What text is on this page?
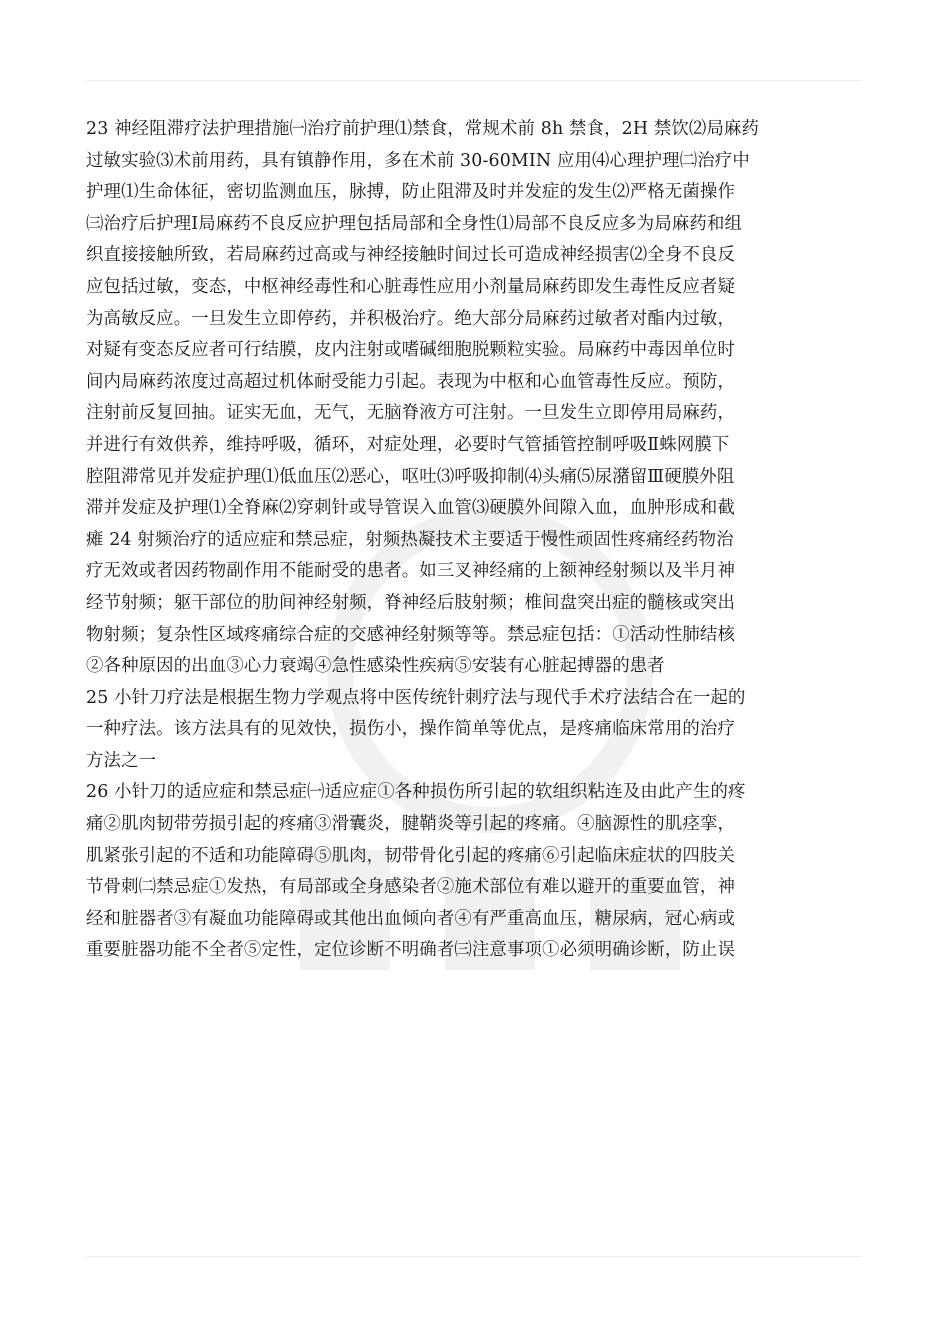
23 神经阻滞疗法护理措施㈠治疗前护理⑴禁食，常规术前 8h 禁食，2H 禁饮⑵局麻药
过敏实验⑶术前用药，具有镇静作用，多在术前 30-60MIN 应用⑷心理护理㈡治疗中
护理⑴生命体征，密切监测血压，脉搏，防止阻滞及时并发症的发生⑵严格无菌操作
㈢治疗后护理Ⅰ局麻药不良反应护理包括局部和全身性⑴局部不良反应多为局麻药和组
织直接接触所致，若局麻药过高或与神经接触时间过长可造成神经损害⑵全身不良反
应包括过敏，变态，中枢神经毒性和心脏毒性应用小剂量局麻药即发生毒性反应者疑
为高敏反应。一旦发生立即停药，并积极治疗。绝大部分局麻药过敏者对酯内过敏，
对疑有变态反应者可行结膜，皮内注射或嗜碱细胞脱颗粒实验。局麻药中毒因单位时
间内局麻药浓度过高超过机体耐受能力引起。表现为中枢和心血管毒性反应。预防，
注射前反复回抽。证实无血，无气，无脑脊液方可注射。一旦发生立即停用局麻药，
并进行有效供养，维持呼吸，循环，对症处理，必要时气管插管控制呼吸Ⅱ蛛网膜下
腔阻滞常见并发症护理⑴低血压⑵恶心，呕吐⑶呼吸抑制⑷头痛⑸尿潴留Ⅲ硬膜外阻
滞并发症及护理⑴全脊麻⑵穿刺针或导管误入血管⑶硬膜外间隙入血，血肿形成和截
瘫 24 射频治疗的适应症和禁忌症，射频热凝技术主要适于慢性顽固性疼痛经药物治
疗无效或者因药物副作用不能耐受的患者。如三叉神经痛的上额神经射频以及半月神
经节射频；躯干部位的肋间神经射频，脊神经后肢射频；椎间盘突出症的髓核或突出
物射频；复杂性区域疼痛综合症的交感神经射频等等。禁忌症包括：①活动性肺结核
②各种原因的出血③心力衰竭④急性感染性疾病⑤安装有心脏起搏器的患者
25 小针刀疗法是根据生物力学观点将中医传统针刺疗法与现代手术疗法结合在一起的
一种疗法。该方法具有的见效快，损伤小，操作简单等优点，是疼痛临床常用的治疗
方法之一
26 小针刀的适应症和禁忌症㈠适应症①各种损伤所引起的软组织粘连及由此产生的疼
痛②肌肉韧带劳损引起的疼痛③滑囊炎，腱鞘炎等引起的疼痛。④脑源性的肌痉挛，
肌紧张引起的不适和功能障碍⑤肌肉，韧带骨化引起的疼痛⑥引起临床症状的四肢关
节骨刺㈡禁忌症①发热，有局部或全身感染者②施术部位有难以避开的重要血管，神
经和脏器者③有凝血功能障碍或其他出血倾向者④有严重高血压，糖尿病，冠心病或
重要脏器功能不全者⑤定性，定位诊断不明确者㈢注意事项①必须明确诊断，防止误
